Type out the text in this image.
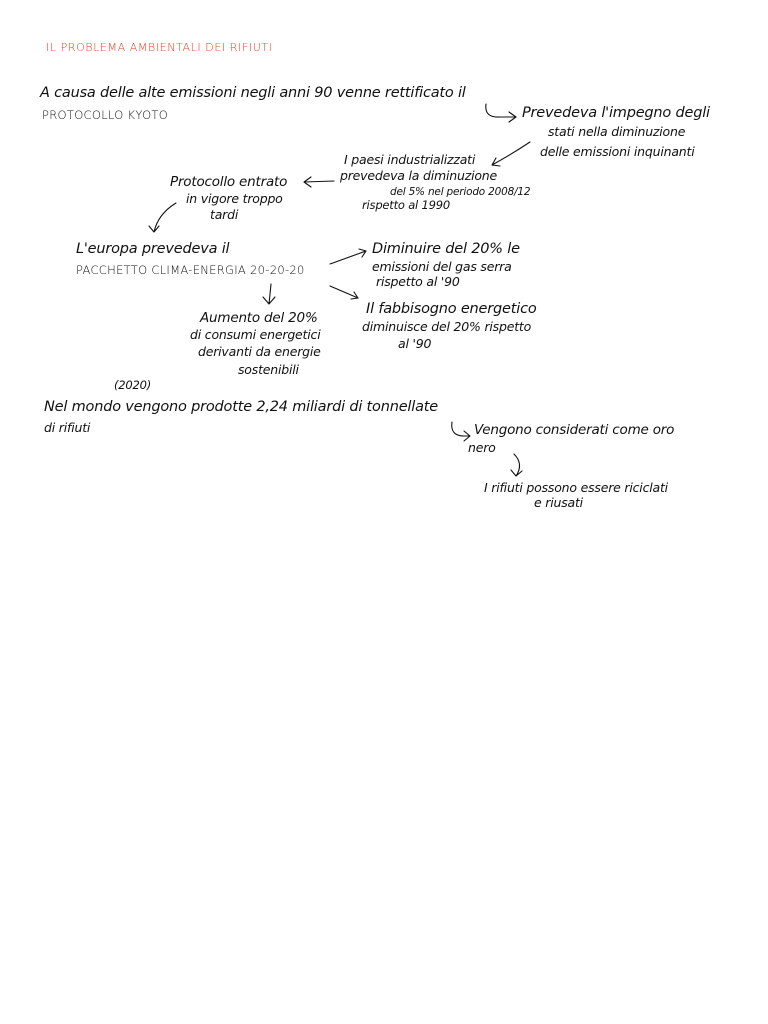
IL PROBLEMA AMBIENTALI DEI RIFIUTI
A causa delle alte emissioni negli anni 90 venne rettificato il
PROTOCOLLO KYOTO	Prevedeva l'impegno degli
stati nella diminuzione
delle emissioni inquinanti
I paesi industrializzati
prevedeva la diminuzione
del 5% nel periodo 2008/12
rispetto al 1990
Protocollo entrato
in vigore troppo
tardi
L'europa prevedeva il
PACCHETTO CLIMA-ENERGIA 20-20-20
Diminuire del 20% le
emissioni del gas serra
rispetto al '90
Il fabbisogno energetico
diminuisce del 20% rispetto
al '90
Aumento del 20%
di consumi energetici
derivanti da energie
sostenibili
(2020)
Nel mondo vengono prodotte 2,24 miliardi di tonnellate
di rifiuti	Vengono considerati come oro
nero
I rifiuti possono essere riciclati
e riusati
